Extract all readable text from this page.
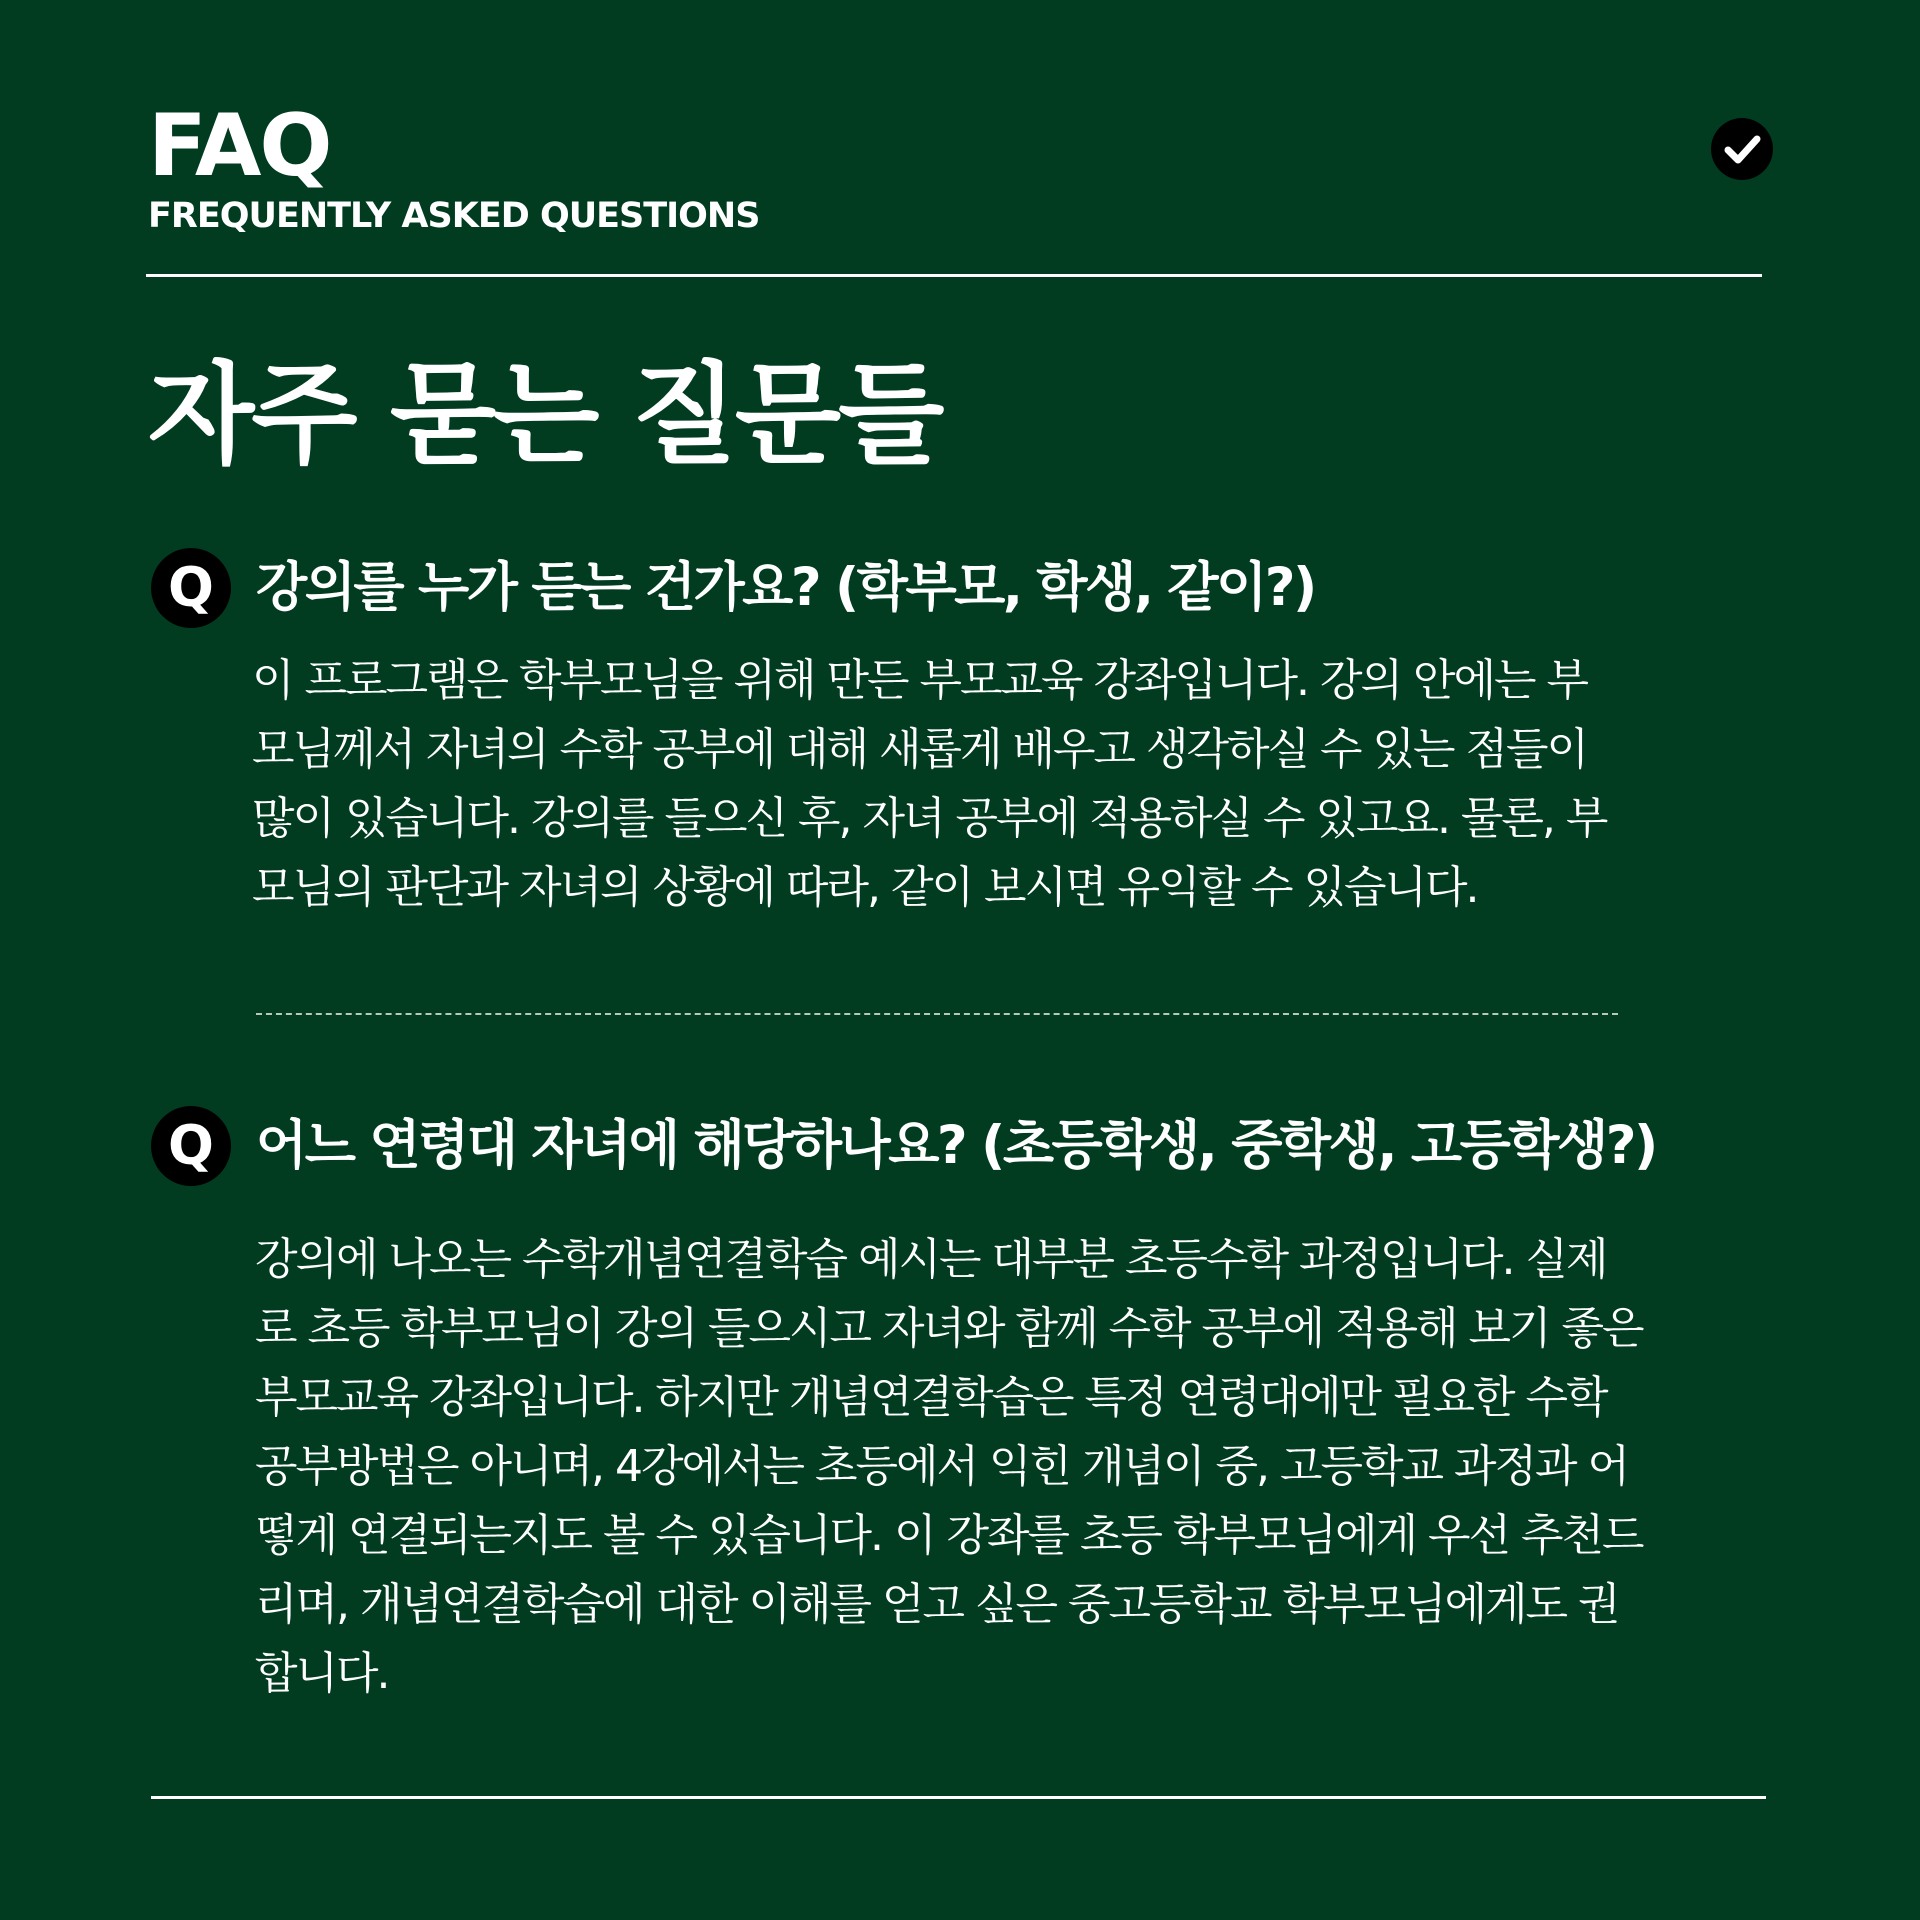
FAQ

FREQUENTLY ASKED QUESTIONS

자주 묻는 질문들
Q 강의를 누가 듣는 건가요? (학부모, 학생, 같이?)

이 프로그램은 학부모님을 위해 만든 부모교육 강좌입니다. 강의 안에는 부
모님께서 자녀의 수학 공부에 대해 새롭게 배우고 생각하실 수 있는 점들이
많이 있습니다. 강의를 들으신 후, 자녀 공부에 적용하실 수 있고요. 물론, 부
모님의 판단과 자녀의 상황에 따라, 같이 보시면 유익할 수 있습니다.

Q 어느 연령대 자녀에 해당하나요? (초등학생, 중학생, 고등학생?)

강의에 나오는 수학개념연결학습 예시는 대부분 초등수학 과정입니다. 실제
로 초등 학부모님이 강의 들으시고 자녀와 함께 수학 공부에 적용해 보기 좋은
부모교육 강좌입니다. 하지만 개념연결학습은 특정 연령대에만 필요한 수학
공부방법은 아니며, 4강에서는 초등에서 익힌 개념이 중, 고등학교 과정과 어
떻게 연결되는지도 볼 수 있습니다. 이 강좌를 초등 학부모님에게 우선 추천드
리며, 개념연결학습에 대한 이해를 얻고 싶은 중고등학교 학부모님에게도 권
합니다.
